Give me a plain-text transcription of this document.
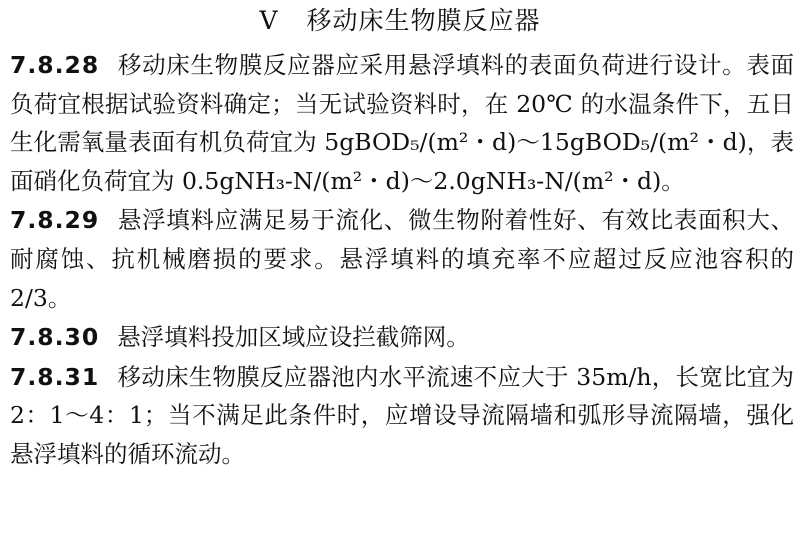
V 移动床生物膜反应器
7.8.28 移动床生物膜反应器应采用悬浮填料的表面负荷进行设计。表面负荷宜根据试验资料确定；当无试验资料时，在 20℃ 的水温条件下，五日生化需氧量表面有机负荷宜为 5gBOD₅/(m²・d)～15gBOD₅/(m²・d)，表面硝化负荷宜为 0.5gNH₃-N/(m²・d)～2.0gNH₃-N/(m²・d)。
7.8.29 悬浮填料应满足易于流化、微生物附着性好、有效比表面积大、耐腐蚀、抗机械磨损的要求。悬浮填料的填充率不应超过反应池容积的 2/3。
7.8.30 悬浮填料投加区域应设拦截筛网。
7.8.31 移动床生物膜反应器池内水平流速不应大于 35m/h，长宽比宜为 2：1～4：1；当不满足此条件时，应增设导流隔墙和弧形导流隔墙，强化悬浮填料的循环流动。
